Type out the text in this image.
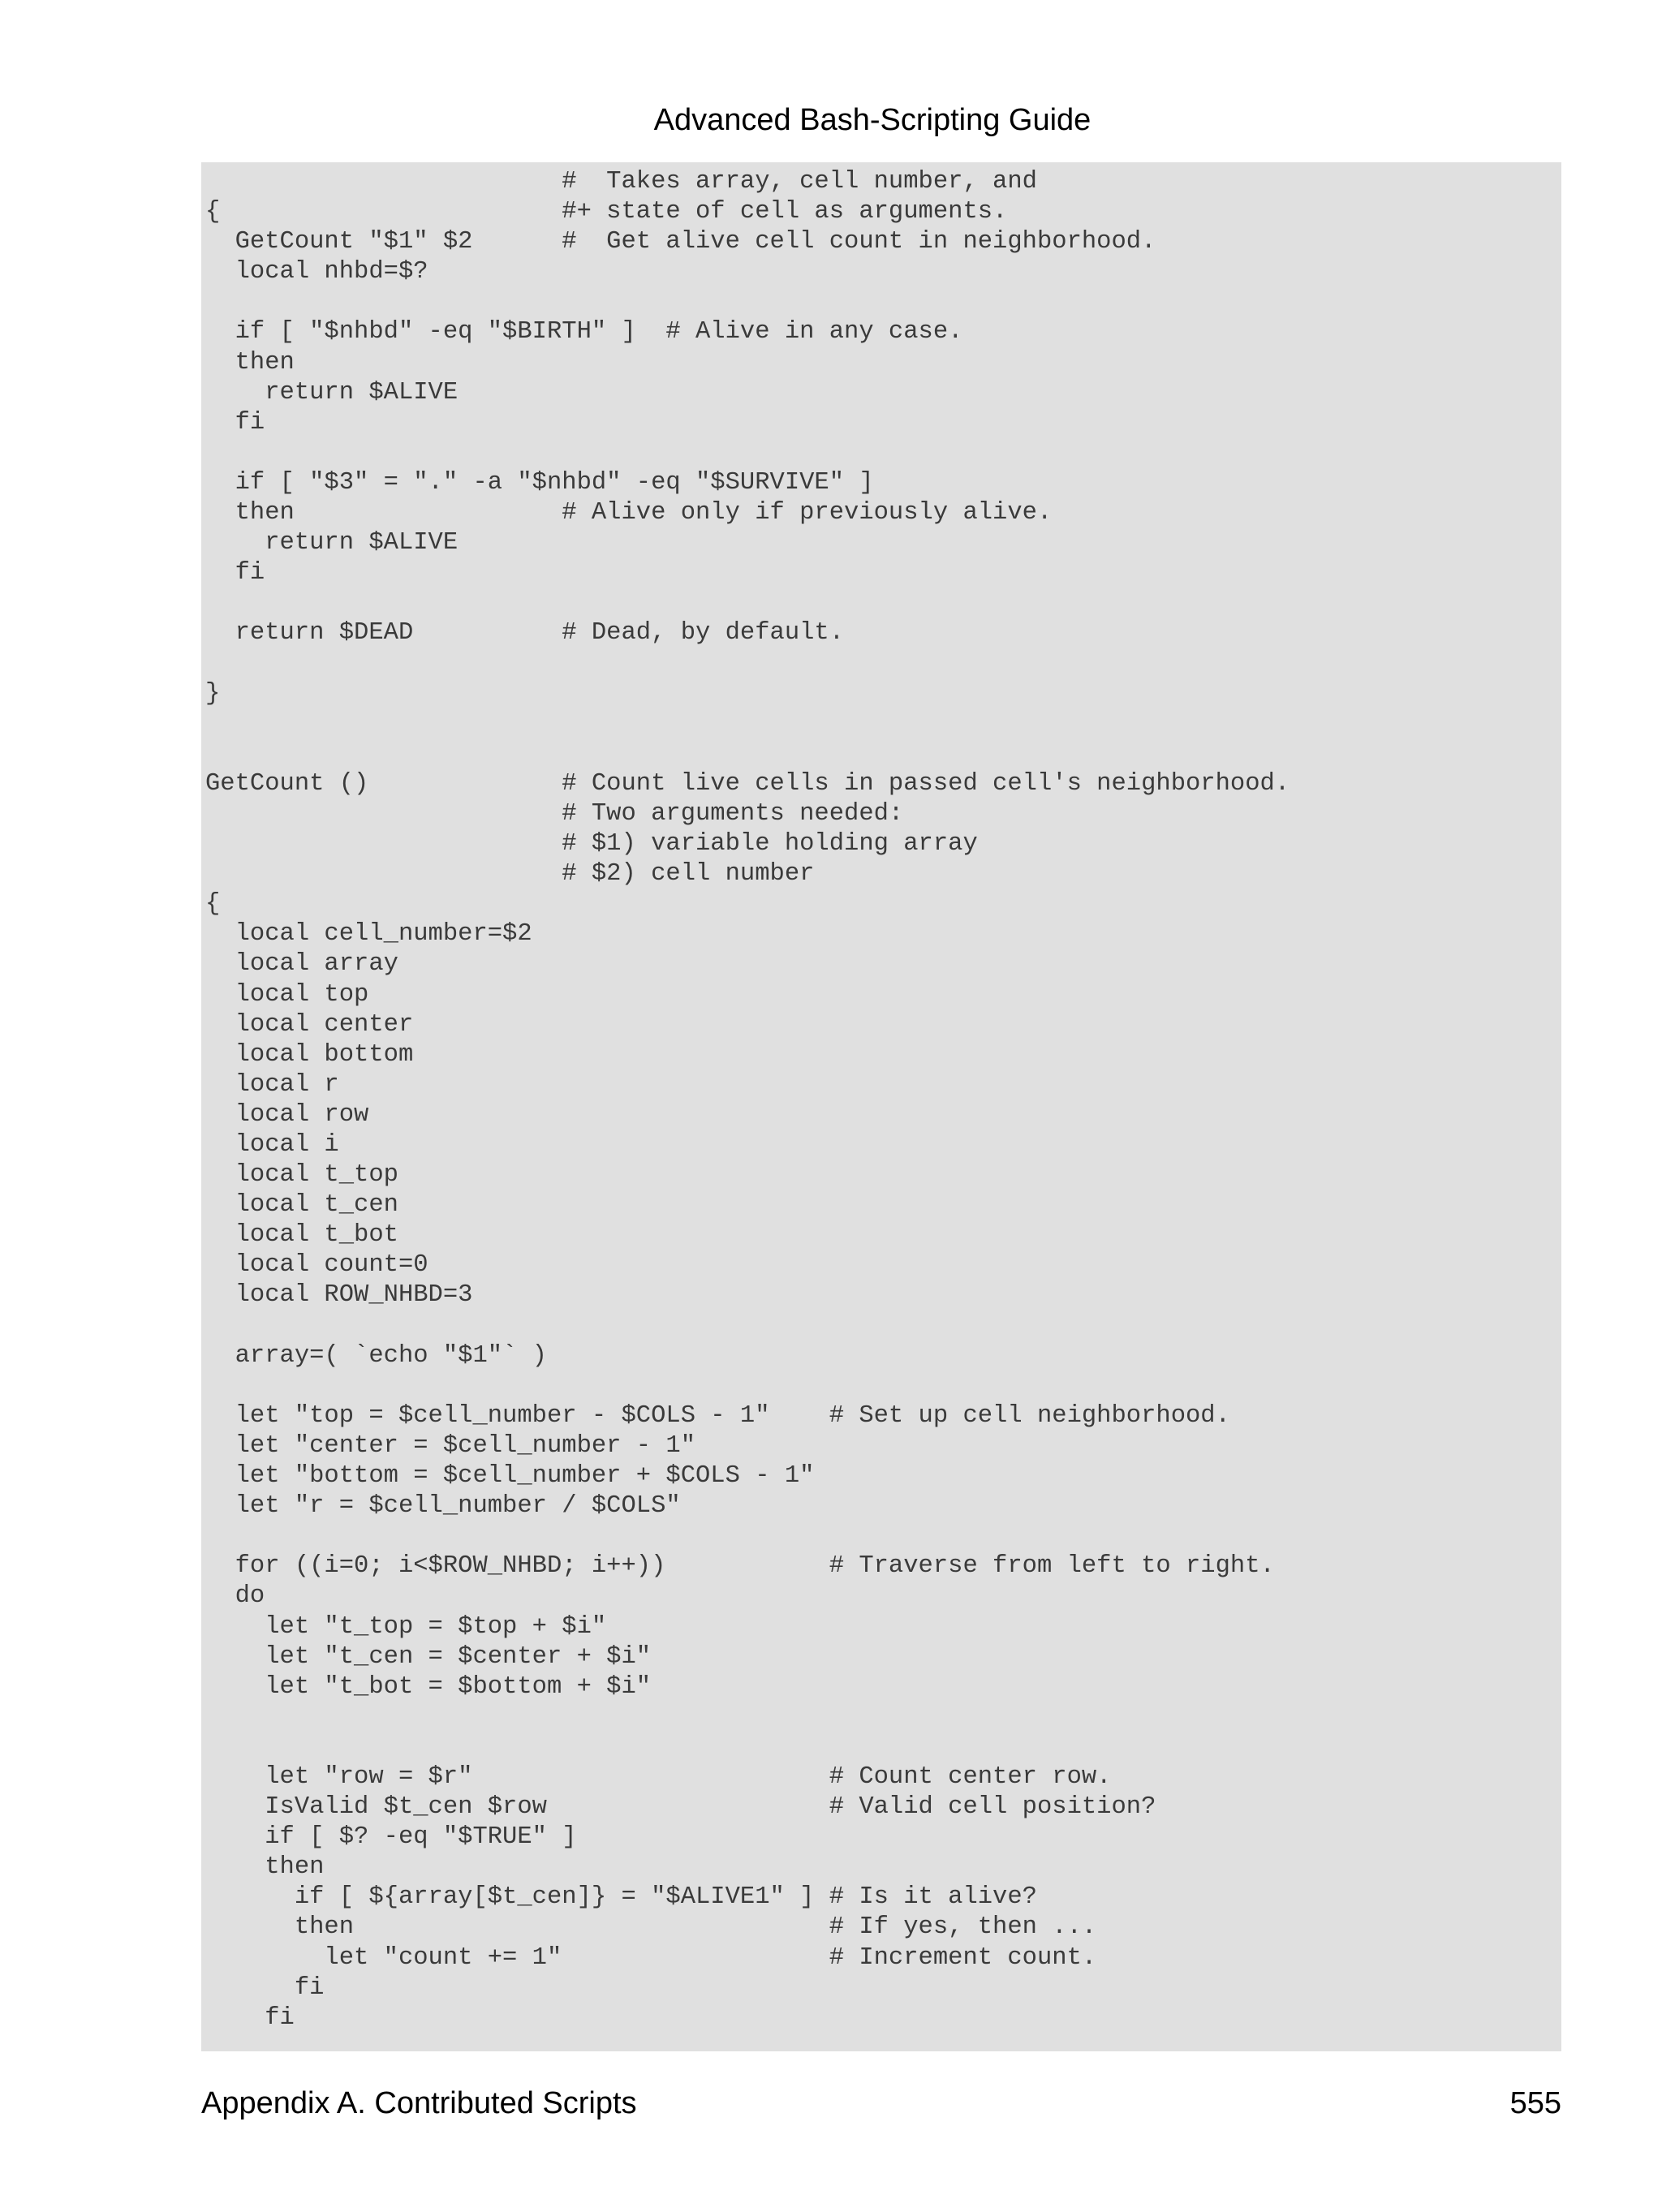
Advanced Bash-Scripting Guide
#  Takes array, cell number, and
{                       #+ state of cell as arguments.
GetCount "$1" $2      #  Get alive cell count in neighborhood.
local nhbd=$?
if [ "$nhbd" -eq "$BIRTH" ]  # Alive in any case.
then
return $ALIVE
fi
if [ "$3" = "." -a "$nhbd" -eq "$SURVIVE" ]
then                  # Alive only if previously alive.
return $ALIVE
fi
return $DEAD          # Dead, by default.
}
GetCount ()             # Count live cells in passed cell's neighborhood.
# Two arguments needed:
# $1) variable holding array
# $2) cell number
{
local cell_number=$2
local array
local top
local center
local bottom
local r
local row
local i
local t_top
local t_cen
local t_bot
local count=0
local ROW_NHBD=3
array=( `echo "$1"` )
let "top = $cell_number - $COLS - 1"    # Set up cell neighborhood.
let "center = $cell_number - 1"
let "bottom = $cell_number + $COLS - 1"
let "r = $cell_number / $COLS"
for ((i=0; i<$ROW_NHBD; i++))           # Traverse from left to right.
do
let "t_top = $top + $i"
let "t_cen = $center + $i"
let "t_bot = $bottom + $i"
let "row = $r"                        # Count center row.
IsValid $t_cen $row                   # Valid cell position?
if [ $? -eq "$TRUE" ]
then
if [ ${array[$t_cen]} = "$ALIVE1" ] # Is it alive?
then                                # If yes, then ...
let "count += 1"                  # Increment count.
fi
fi
Appendix A. Contributed Scripts	555
